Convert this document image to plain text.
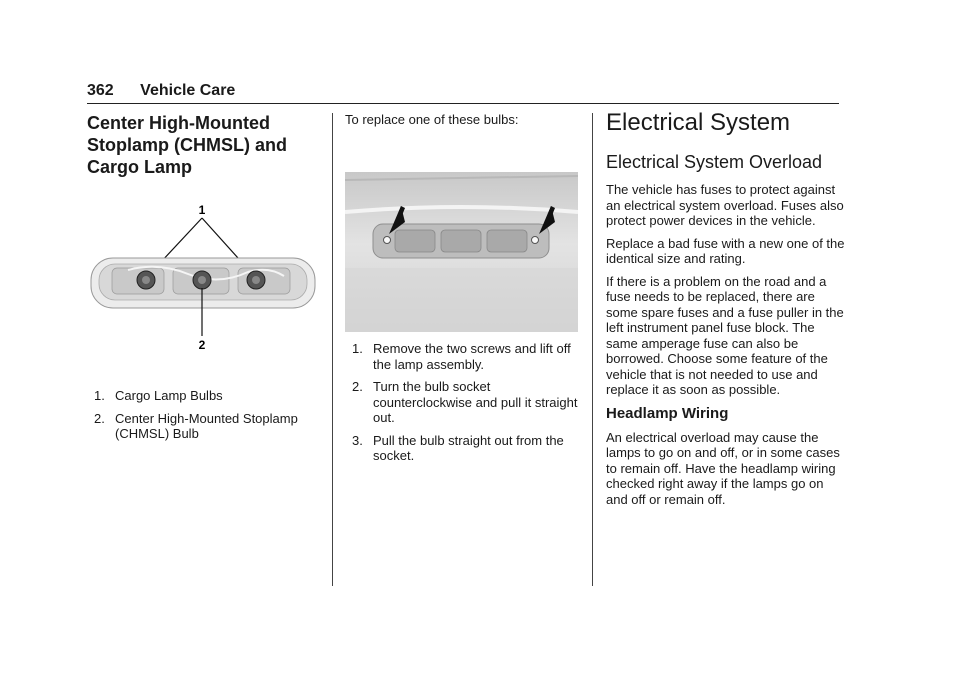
362 Vehicle Care
Center High-Mounted Stoplamp (CHMSL) and Cargo Lamp
1
2
1. Cargo Lamp Bulbs
2. Center High-Mounted Stoplamp (CHMSL) Bulb

To replace one of these bulbs:

1. Remove the two screws and lift off the lamp assembly.
2. Turn the bulb socket counterclockwise and pull it straight out.
3. Pull the bulb straight out from the socket.
Electrical System
Electrical System Overload

The vehicle has fuses to protect against an electrical system overload. Fuses also protect power devices in the vehicle.

Replace a bad fuse with a new one of the identical size and rating.

If there is a problem on the road and a fuse needs to be replaced, there are some spare fuses and a fuse puller in the left instrument panel fuse block. The same amperage fuse can also be borrowed. Choose some feature of the vehicle that is not needed to use and replace it as soon as possible.

Headlamp Wiring

An electrical overload may cause the lamps to go on and off, or in some cases to remain off. Have the headlamp wiring checked right away if the lamps go on and off or remain off.
